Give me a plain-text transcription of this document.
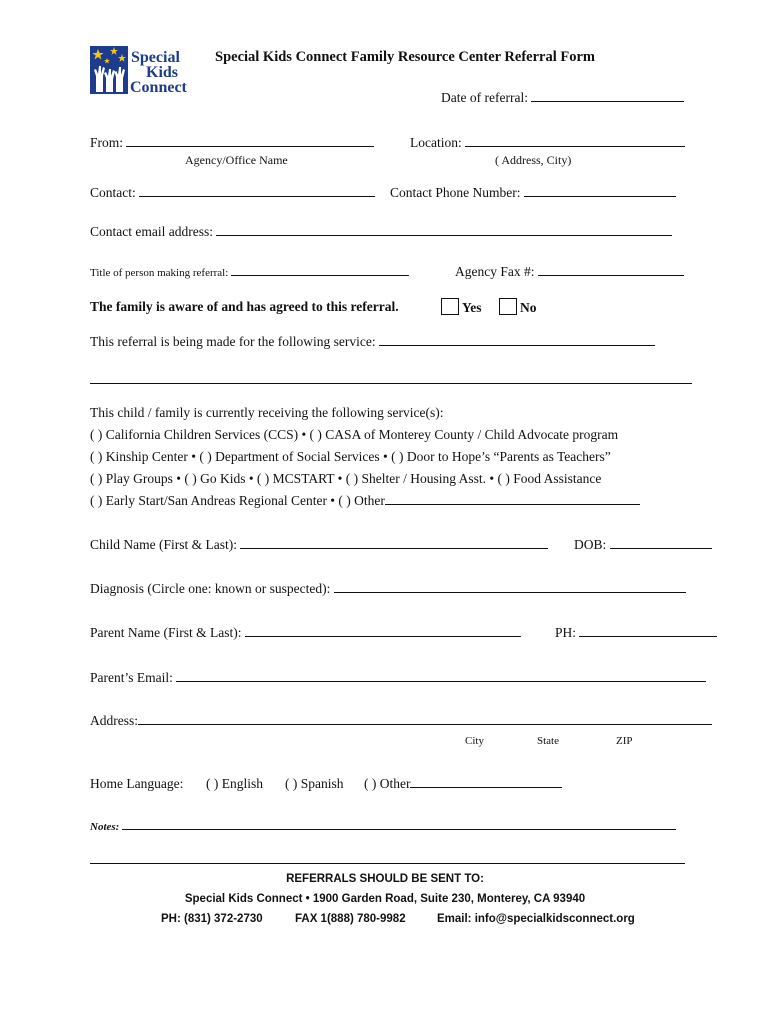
Special
Kids
Connect
Special Kids Connect Family Resource Center Referral Form
Date of referral:
From:
Agency/Office Name
Location:
( Address, City)
Contact:	Contact Phone Number:
Contact email address:
Title of person making referral:	Agency Fax #:
The family is aware of and has agreed to this referral.	Yes	No
This referral is being made for the following service:
This child / family is currently receiving the following service(s):
( ) California Children Services (CCS) • ( ) CASA of Monterey County / Child Advocate program
( ) Kinship Center • ( ) Department of Social Services • ( ) Door to Hope’s “Parents as Teachers”
( ) Play Groups • ( ) Go Kids • ( ) MCSTART • ( ) Shelter / Housing Asst. • ( ) Food Assistance
( ) Early Start/San Andreas Regional Center • ( ) Other
Child Name (First & Last):	DOB:
Diagnosis (Circle one: known or suspected):
Parent Name (First & Last):	PH:
Parent’s Email:
Address:
City	State	ZIP
Home Language: ( ) English ( ) Spanish ( ) Other
Notes:
REFERRALS SHOULD BE SENT TO:
Special Kids Connect • 1900 Garden Road, Suite 230, Monterey, CA 93940
PH: (831) 372-2730	FAX 1(888) 780-9982	Email: info@specialkidsconnect.org
